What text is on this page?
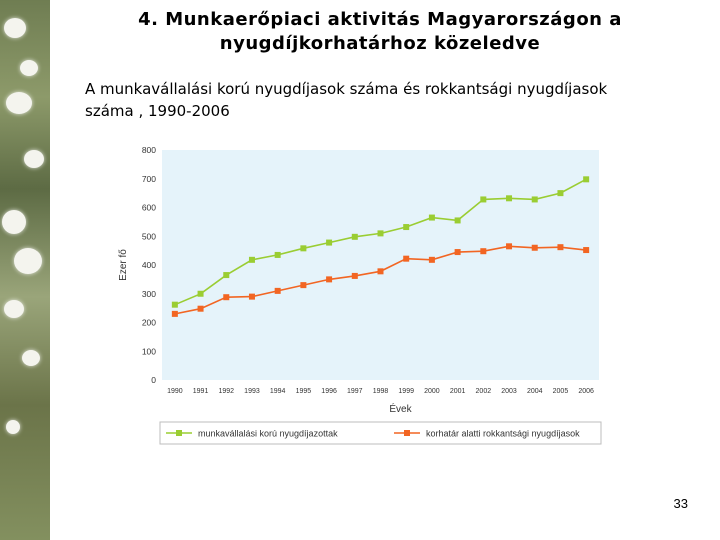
4. Munkaerőpiaci aktivitás Magyarországon a nyugdíjkorhatárhoz közeledve
A munkavállalási korú nyugdíjasok száma és rokkantsági nyugdíjasok száma , 1990-2006
0
100
200
300
400
500
600
700
800
1990 1991 1992 1993 1994 1995 1996 1997 1998 1999 2000 2001 2002 2003 2004 2005 2006
Évek
Ezer fő
munkavállalási korú nyugdíjazottak	korhatár alatti rokkantsági nyugdíjasok
33
